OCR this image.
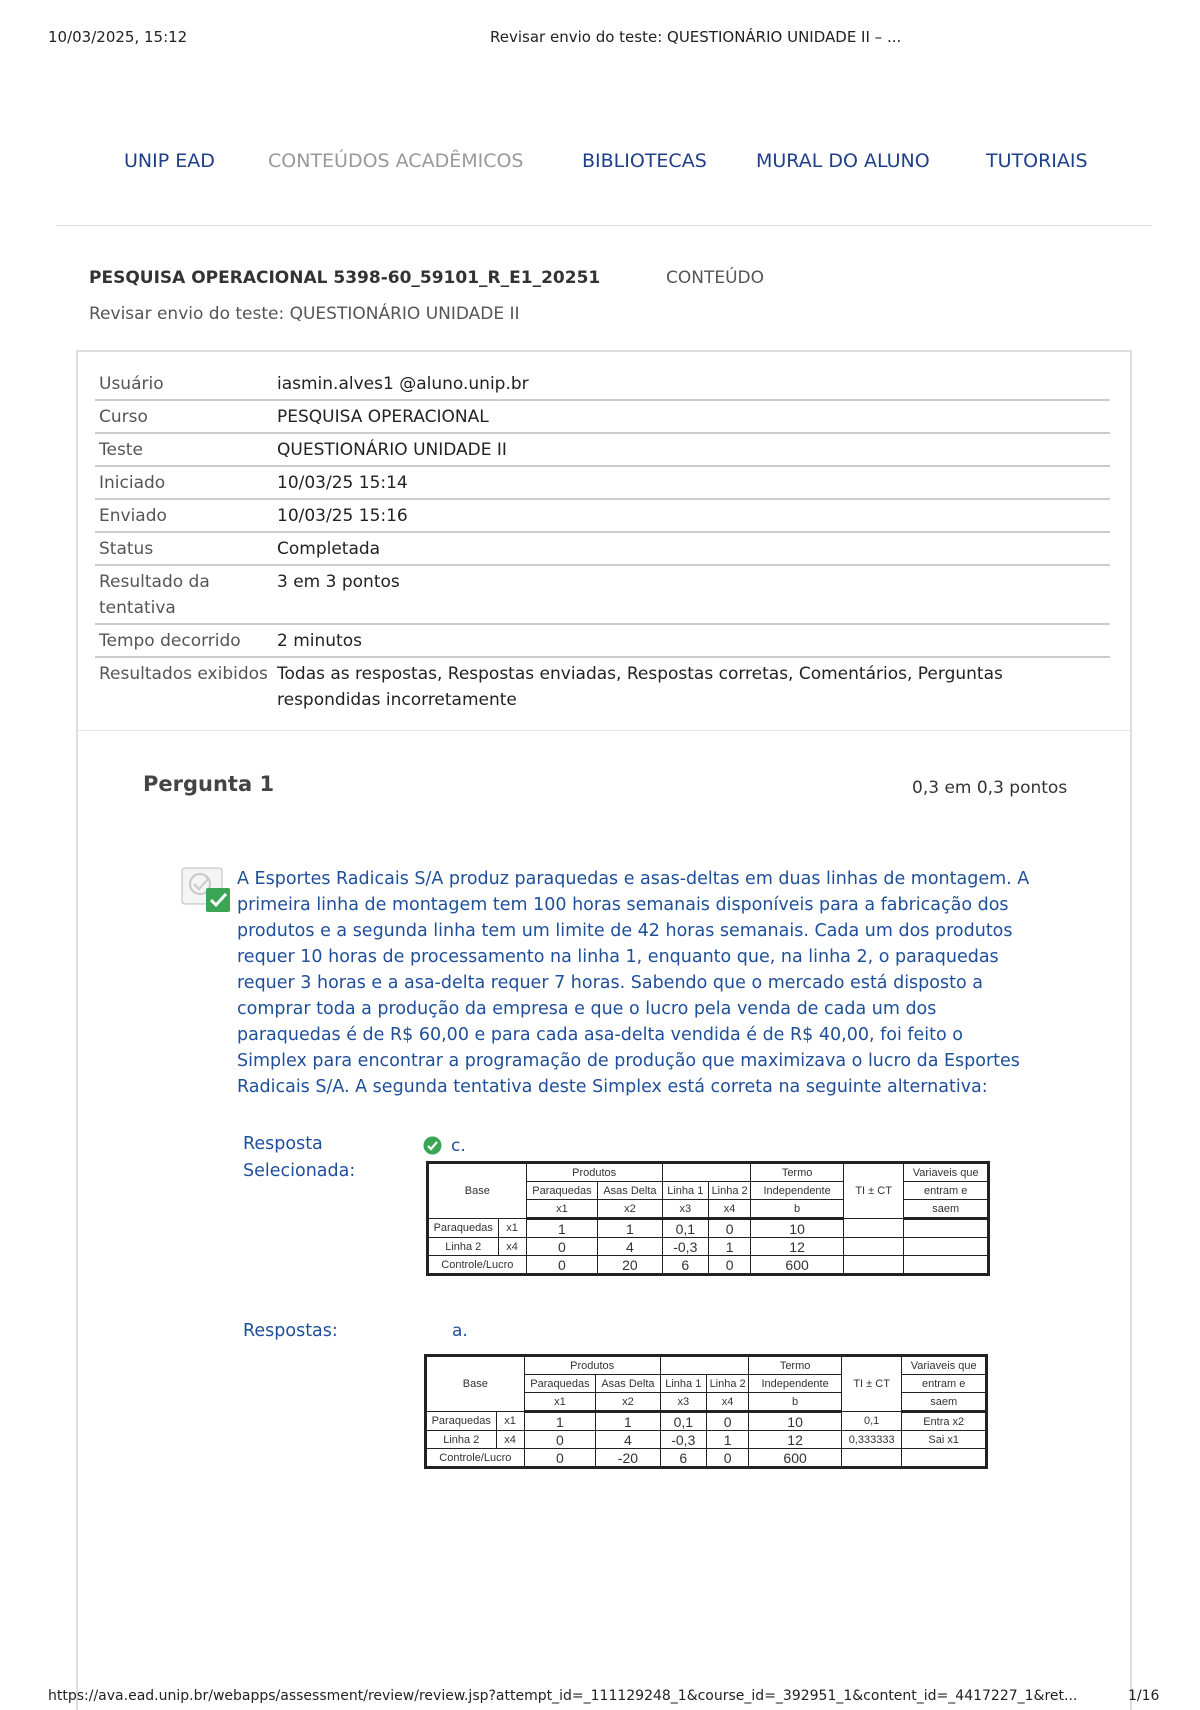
10/03/2025, 15:12	Revisar envio do teste: QUESTIONÁRIO UNIDADE II – ...
UNIP EAD	CONTEÚDOS ACADÊMICOS	BIBLIOTECAS	MURAL DO ALUNO	TUTORIAIS
PESQUISA OPERACIONAL 5398-60_59101_R_E1_20251	CONTEÚDO
Revisar envio do teste: QUESTIONÁRIO UNIDADE II
Usuário	iasmin.alves1 @aluno.unip.br
Curso	PESQUISA OPERACIONAL
Teste	QUESTIONÁRIO UNIDADE II
Iniciado	10/03/25 15:14
Enviado	10/03/25 15:16
Status	Completada
Resultado da tentativa	3 em 3 pontos
Tempo decorrido	2 minutos
Resultados exibidos	Todas as respostas, Respostas enviadas, Respostas corretas, Comentários, Perguntas respondidas incorretamente
Pergunta 1	0,3 em 0,3 pontos
A Esportes Radicais S/A produz paraquedas e asas-deltas em duas linhas de montagem. A primeira linha de montagem tem 100 horas semanais disponíveis para a fabricação dos produtos e a segunda linha tem um limite de 42 horas semanais. Cada um dos produtos requer 10 horas de processamento na linha 1, enquanto que, na linha 2, o paraquedas requer 3 horas e a asa-delta requer 7 horas. Sabendo que o mercado está disposto a comprar toda a produção da empresa e que o lucro pela venda de cada um dos paraquedas é de R$ 60,00 e para cada asa-delta vendida é de R$ 40,00, foi feito o Simplex para encontrar a programação de produção que maximizava o lucro da Esportes Radicais S/A. A segunda tentativa deste Simplex está correta na seguinte alternativa:
Resposta
Selecionada:
c.
Base		Produtos				Termo	TI ± CT	Variaveis que
		Paraquedas	Asas Delta	Linha 1	Linha 2	Independente		entram e
		x1	x2	x3	x4	b		saem
Paraquedas	x1	1	1	0,1	0	10		
Linha 2	x4	0	4	-0,3	1	12		
Controle/Lucro		0	20	6	0	600		
Respostas:	a.
Base		Produtos				Termo	TI ± CT	Variaveis que
		Paraquedas	Asas Delta	Linha 1	Linha 2	Independente		entram e
		x1	x2	x3	x4	b		saem
Paraquedas	x1	1	1	0,1	0	10	0,1	Entra x2
Linha 2	x4	0	4	-0,3	1	12	0,333333	Sai x1
Controle/Lucro		0	-20	6	0	600		
https://ava.ead.unip.br/webapps/assessment/review/review.jsp?attempt_id=_111129248_1&course_id=_392951_1&content_id=_4417227_1&ret...	1/16
